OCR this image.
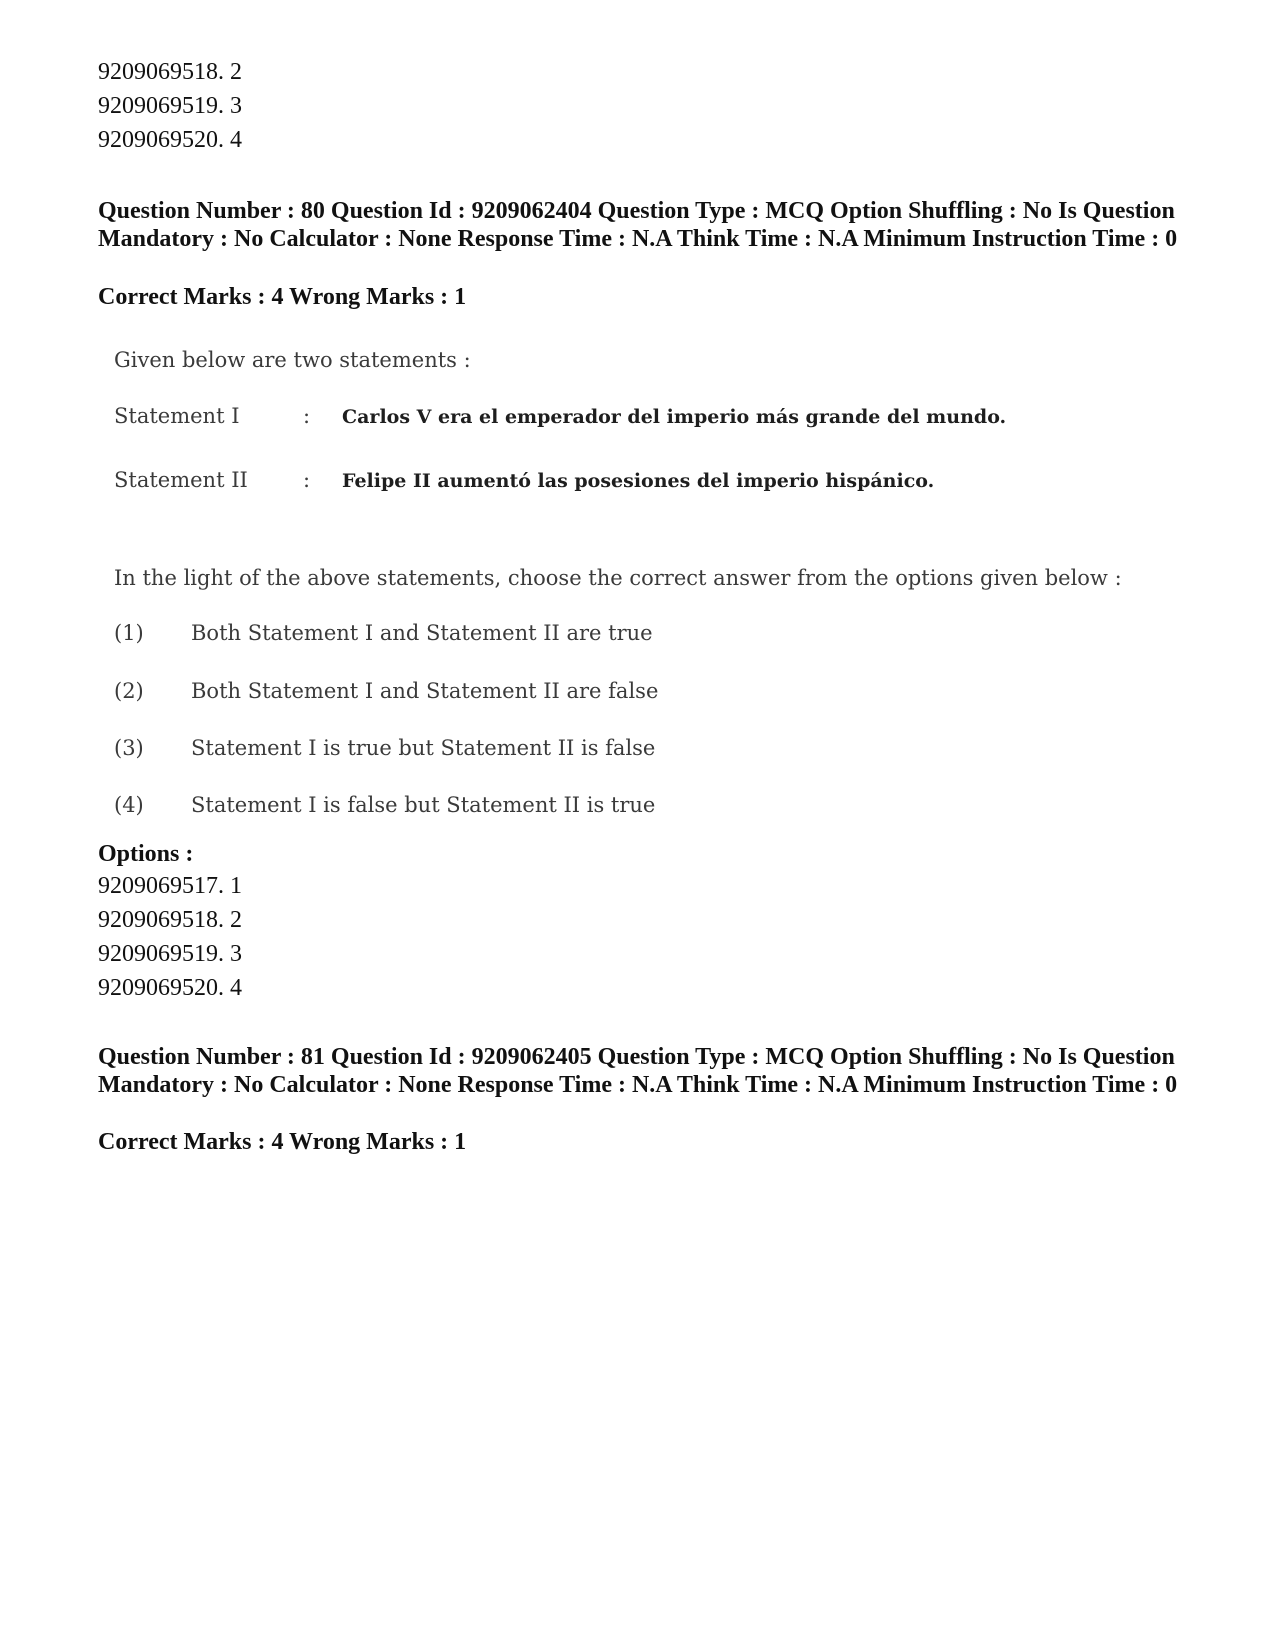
9209069518. 2
9209069519. 3
9209069520. 4
Question Number : 80 Question Id : 9209062404 Question Type : MCQ Option Shuffling : No Is Question Mandatory : No Calculator : None Response Time : N.A Think Time : N.A Minimum Instruction Time : 0
Correct Marks : 4 Wrong Marks : 1
Given below are two statements :
Statement I	: Carlos V era el emperador del imperio más grande del mundo.
Statement II	: Felipe II aumentó las posesiones del imperio hispánico.
In the light of the above statements, choose the correct answer from the options given below :
(1) Both Statement I and Statement II are true
(2) Both Statement I and Statement II are false
(3) Statement I is true but Statement II is false
(4) Statement I is false but Statement II is true
Options :
9209069517. 1
9209069518. 2
9209069519. 3
9209069520. 4
Question Number : 81 Question Id : 9209062405 Question Type : MCQ Option Shuffling : No Is Question Mandatory : No Calculator : None Response Time : N.A Think Time : N.A Minimum Instruction Time : 0
Correct Marks : 4 Wrong Marks : 1
